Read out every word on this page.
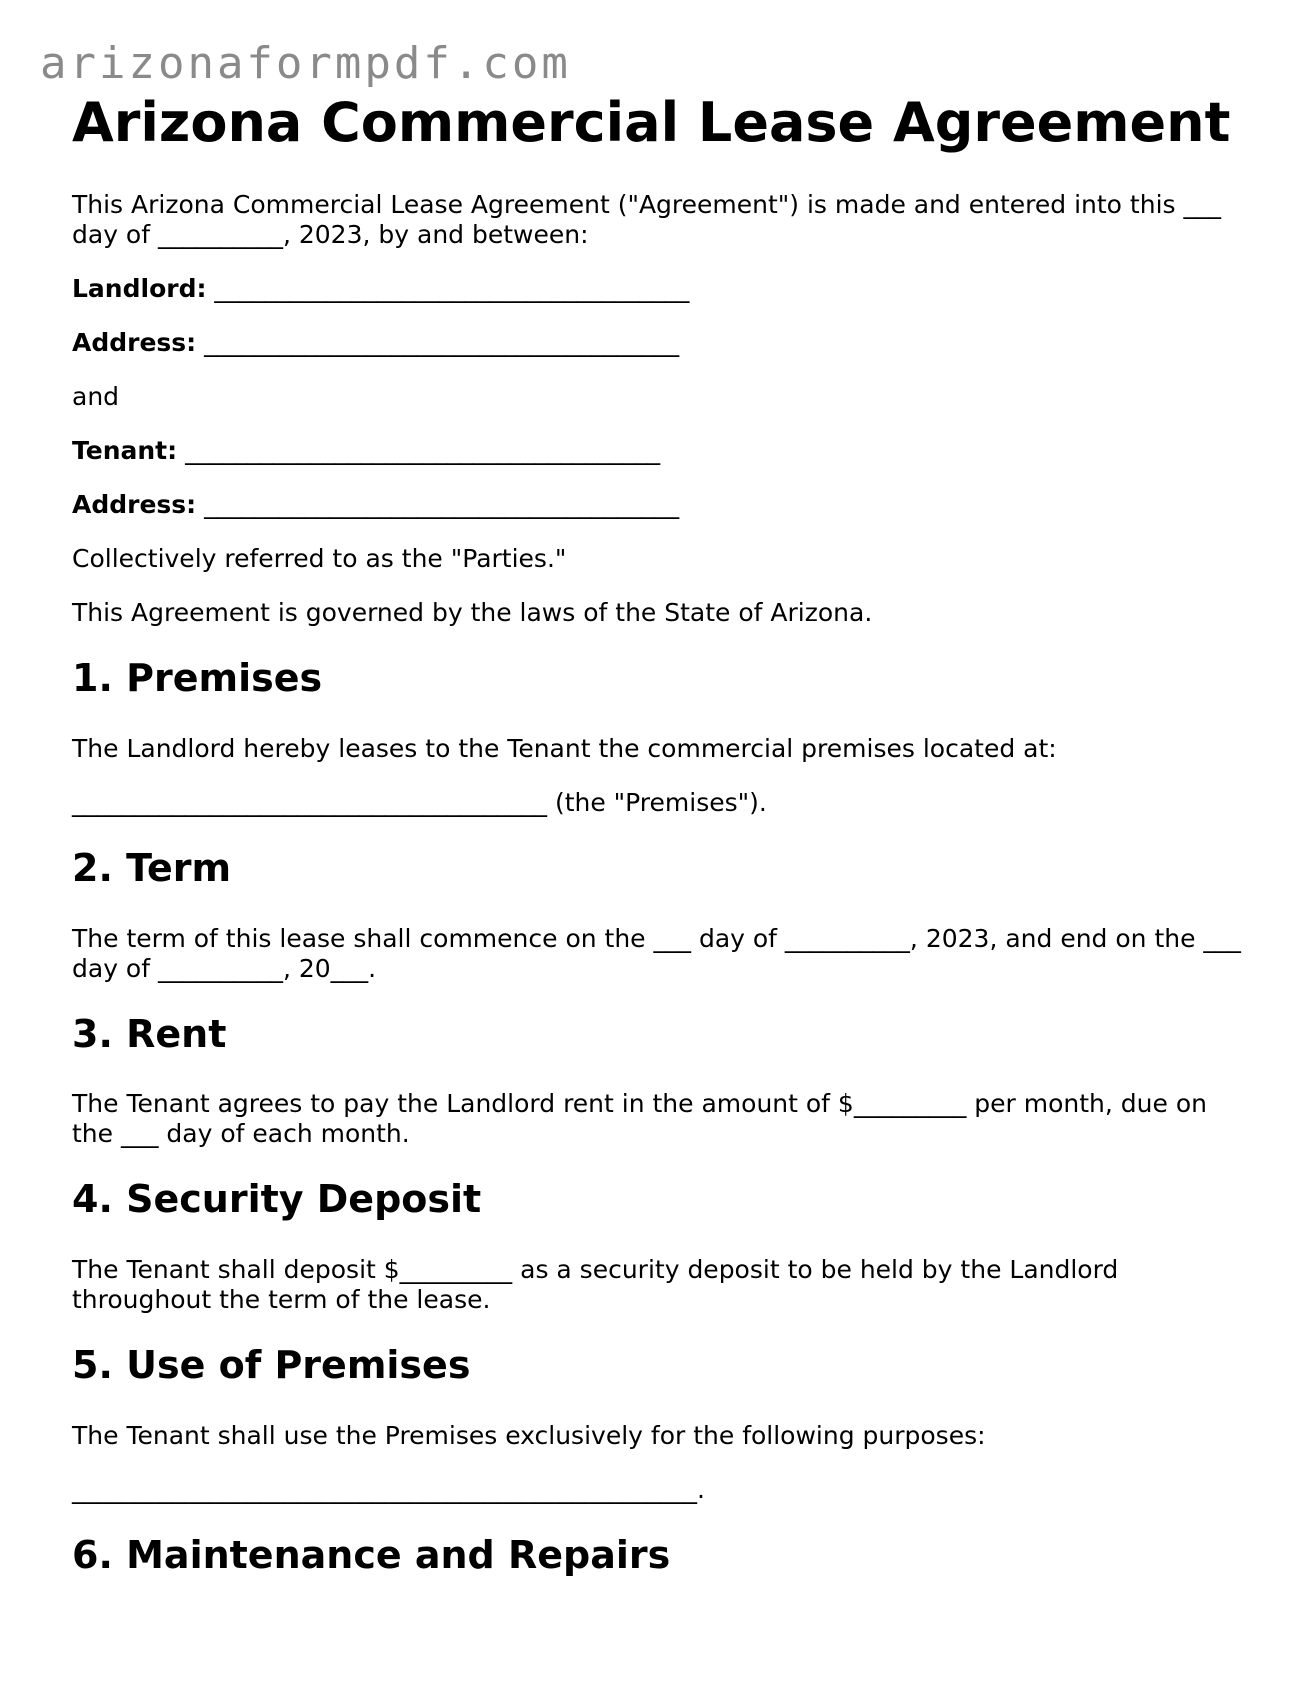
arizonaformpdf.com
Arizona Commercial Lease Agreement

This Arizona Commercial Lease Agreement ("Agreement") is made and entered into this ___ day of __________, 2023, by and between:

Landlord: ______________________________________

Address: ______________________________________

and

Tenant: ______________________________________

Address: ______________________________________

Collectively referred to as the "Parties."

This Agreement is governed by the laws of the State of Arizona.

1. Premises

The Landlord hereby leases to the Tenant the commercial premises located at:

______________________________________ (the "Premises").

2. Term

The term of this lease shall commence on the ___ day of __________, 2023, and end on the ___ day of __________, 20___.

3. Rent

The Tenant agrees to pay the Landlord rent in the amount of $_________ per month, due on the ___ day of each month.

4. Security Deposit

The Tenant shall deposit $_________ as a security deposit to be held by the Landlord throughout the term of the lease.

5. Use of Premises

The Tenant shall use the Premises exclusively for the following purposes:

__________________________________________________.

6. Maintenance and Repairs
